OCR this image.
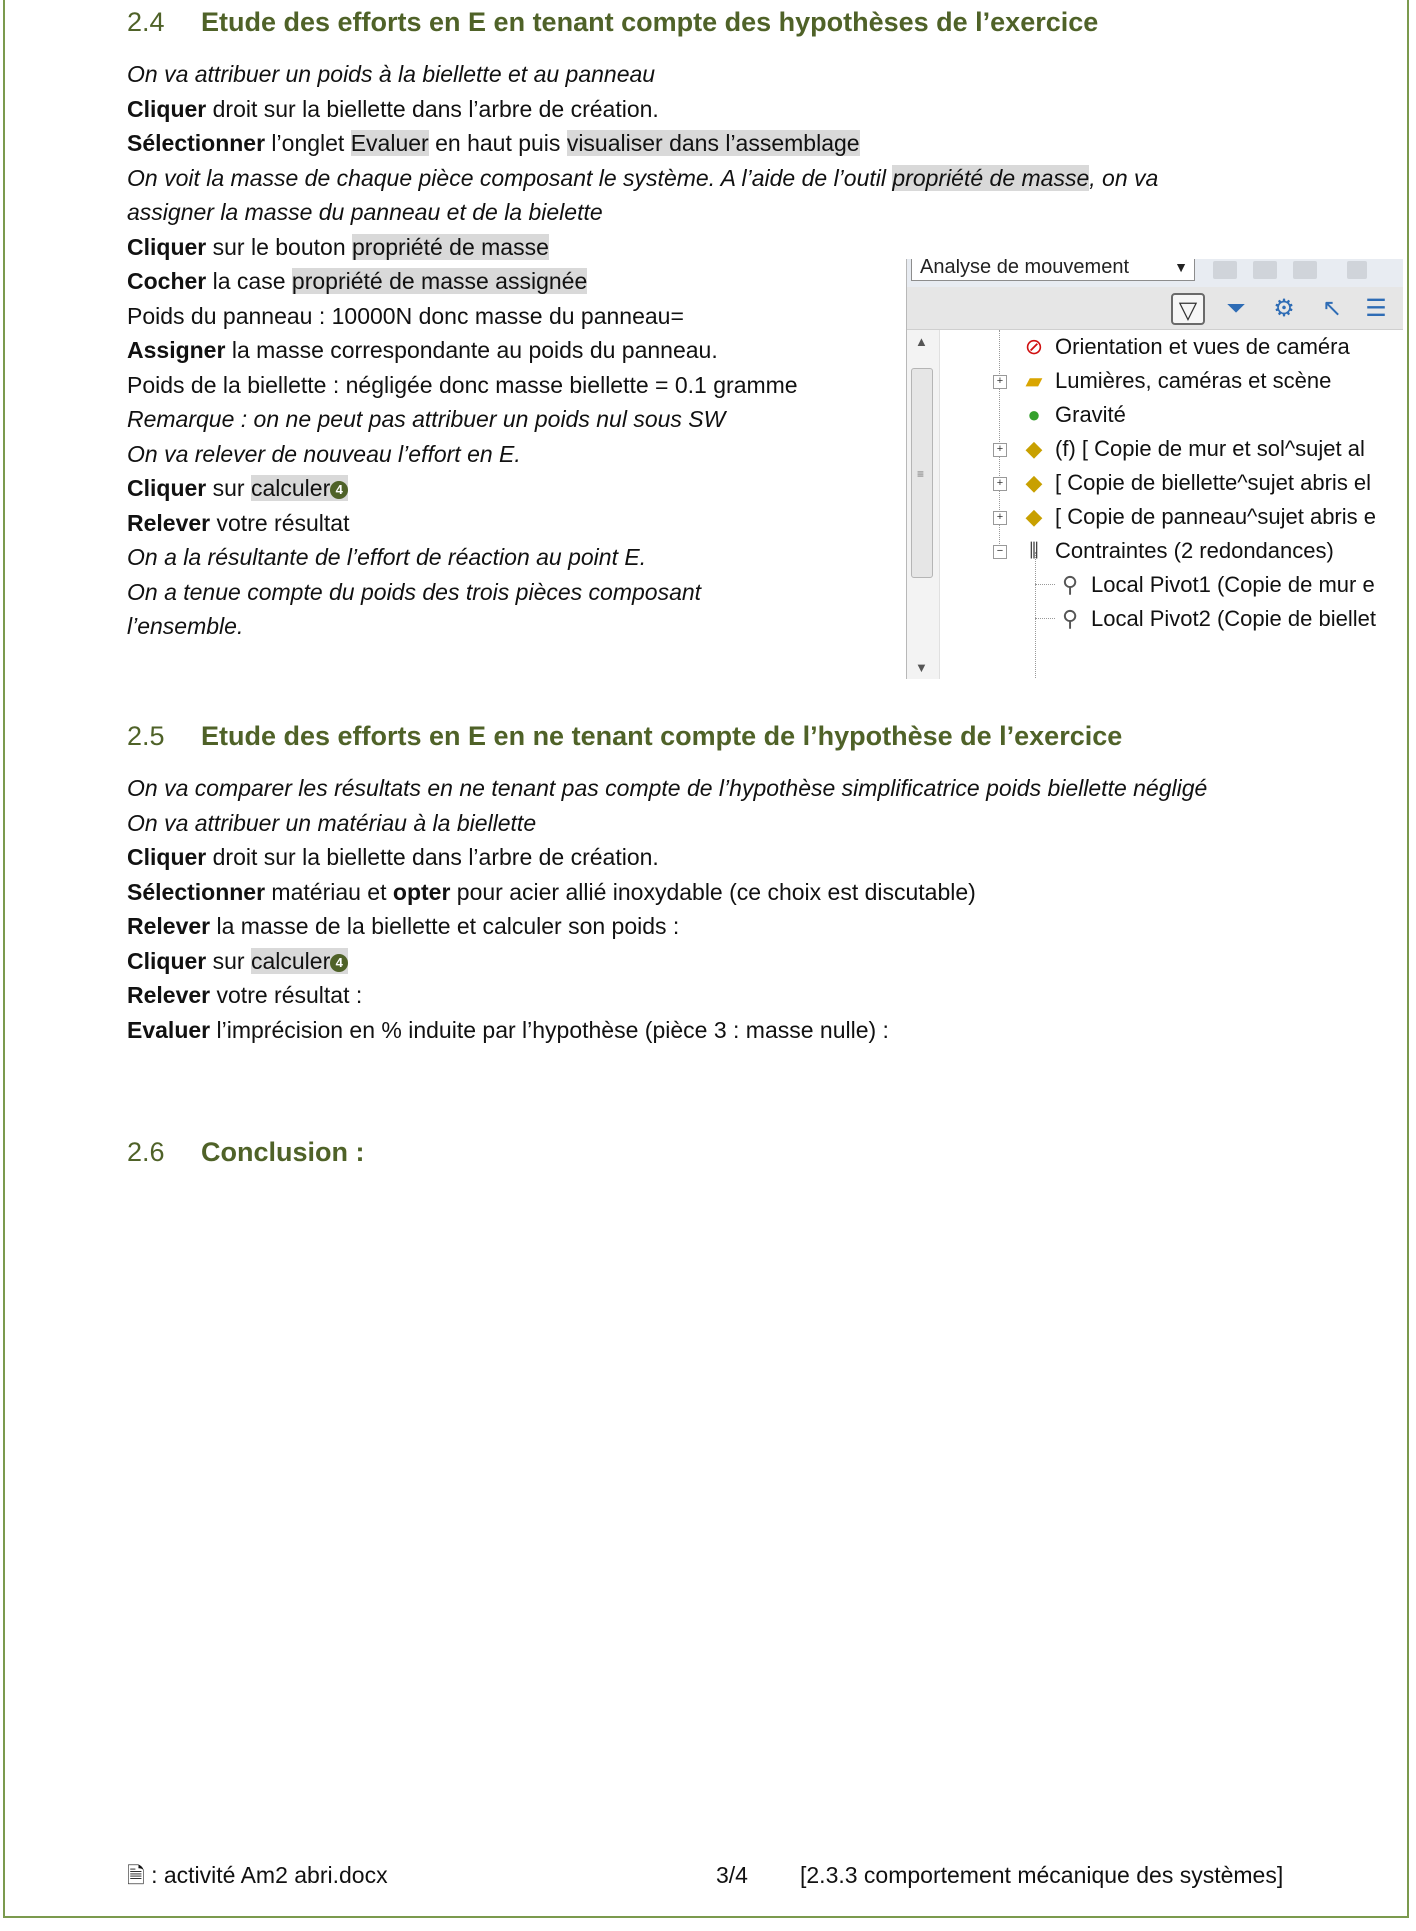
2.4	Etude des efforts en E en tenant compte des hypothèses de l’exercice
On va attribuer un poids à la biellette et au panneau
Cliquer droit sur la biellette dans l’arbre de création.
Sélectionner l’onglet Evaluer en haut puis visualiser dans l’assemblage
On voit la masse de chaque pièce composant le système. A l’aide de l’outil propriété de masse, on va
assigner la masse du panneau et de la bielette
Cliquer sur le bouton propriété de masse
Cocher la case propriété de masse assignée
Poids du panneau : 10000N donc masse du panneau=
Assigner la masse correspondante au poids du panneau.
Poids de la biellette : négligée donc masse biellette = 0.1 gramme
Remarque : on ne peut pas attribuer un poids nul sous SW
On va relever de nouveau l’effort en E.
Cliquer sur calculer 4
Relever votre résultat
On a la résultante de l’effort de réaction au point E.
On a tenue compte du poids des trois pièces composant
l’ensemble.
Analyse de mouvement	▼
▽	⏷	⚙ ↖ ☰
▲
≡
▼
⊘ Orientation et vues de caméra
+ ▰ Lumières, caméras et scène
● Gravité
+ ◆ (f) [ Copie de mur et sol^sujet al
+ ◆ [ Copie de biellette^sujet abris el
+ ◆ [ Copie de panneau^sujet abris e
−	⫴ Contraintes (2 redondances)
⚲ Local Pivot1 (Copie de mur e
⚲ Local Pivot2 (Copie de biellet
2.5	Etude des efforts en E en ne tenant compte de l’hypothèse de l’exercice
On va comparer les résultats en ne tenant pas compte de l’hypothèse simplificatrice poids biellette négligé
On va attribuer un matériau à la biellette
Cliquer droit sur la biellette dans l’arbre de création.
Sélectionner matériau et opter pour acier allié inoxydable (ce choix est discutable)
Relever la masse de la biellette et calculer son poids :
Cliquer sur calculer 4
Relever votre résultat :
Evaluer l’imprécision en % induite par l’hypothèse (pièce 3 : masse nulle) :
2.6	Conclusion :
🗎 : activité Am2 abri.docx	3/4 [2.3.3 comportement mécanique des systèmes]
